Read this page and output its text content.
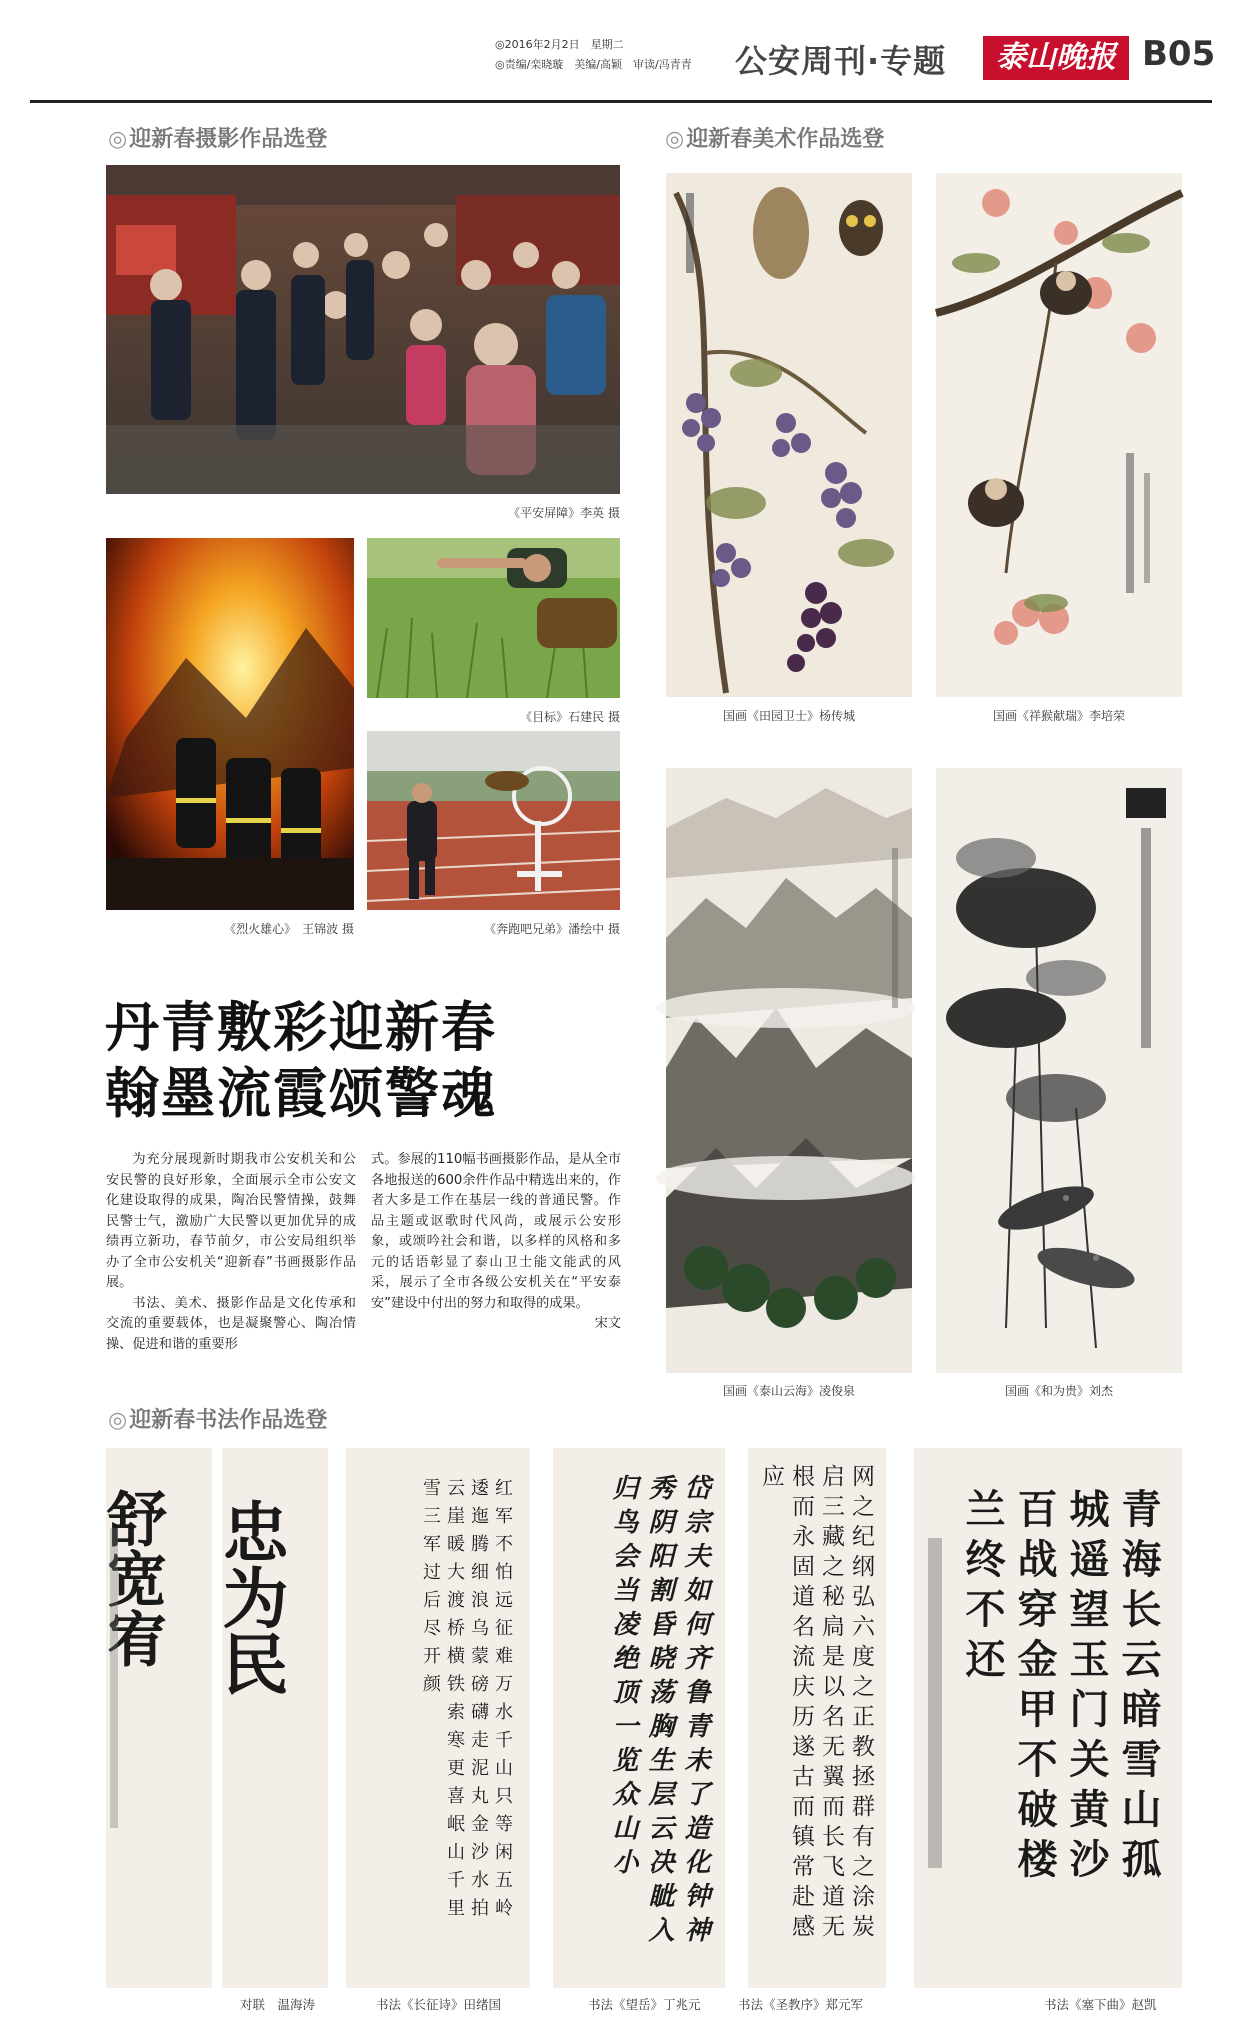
◎2016年2月2日　星期二
◎责编/栾晓璇　美编/高颖　审读/冯青青 公安周刊·专题	泰山晚报 B05
◎迎新春摄影作品选登
《平安屏障》李英 摄
《烈火雄心》　王锦波 摄
《目标》石建民 摄
《奔跑吧兄弟》潘绘中 摄
◎迎新春美术作品选登
国画《田园卫士》杨传城	国画《祥猴献瑞》李培荣
国画《泰山云海》凌俊泉	国画《和为贵》刘杰
丹青敷彩迎新春
翰墨流霞颂警魂

为充分展现新时期我市公安机关和公安民警的良好形象，全面展示全市公安文化建设取得的成果，陶冶民警情操，鼓舞民警士气，激励广大民警以更加优异的成绩再立新功，春节前夕，市公安局组织举办了全市公安机关“迎新春”书画摄影作品展。

书法、美术、摄影作品是文化传承和交流的重要载体，也是凝聚警心、陶冶情操、促进和谐的重要形

式。参展的110幅书画摄影作品，是从全市各地报送的600余件作品中精选出来的，作者大多是工作在基层一线的普通民警。作品主题或讴歌时代风尚，或展示公安形象，或颂吟社会和谐，以多样的风格和多元的话语彰显了泰山卫士能文能武的风采，展示了全市各级公安机关在“平安泰安”建设中付出的努力和取得的成果。

宋文
◎迎新春书法作品选登
舒宽宥 忠为民
对联　温海涛
红军不怕远征难万水千山只等闲五岭逶迤腾细浪乌蒙磅礴走泥丸金沙水拍云崖暖大渡桥横铁索寒更喜岷山千里雪三军过后尽开颜
书法《长征诗》田绪国
岱宗夫如何齐鲁青未了造化钟神秀阴阳割昏晓荡胸生层云决眦入归鸟会当凌绝顶一览众山小
书法《望岳》丁兆元
网之纪纲弘六度之正教拯群有之涂炭启三藏之秘扃是以名无翼而长飞道无根而永固道名流庆历遂古而镇常赴感应
书法《圣教序》郑元军
青海长云暗雪山孤城遥望玉门关黄沙百战穿金甲不破楼兰终不还
书法《塞下曲》赵凯
